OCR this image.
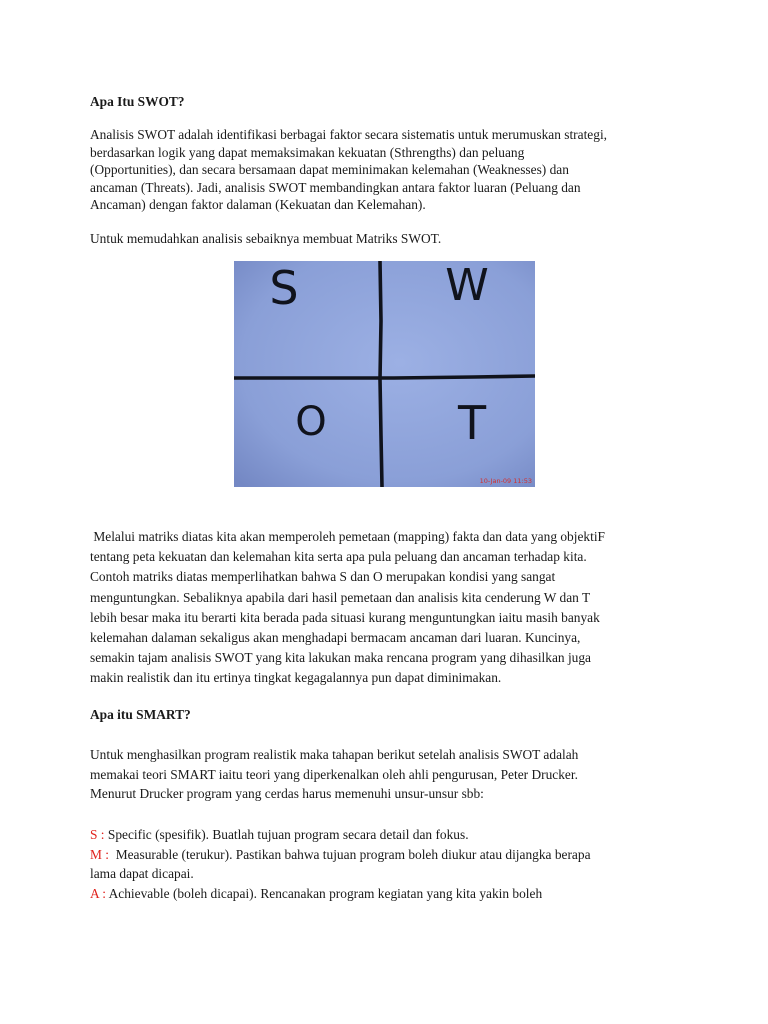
Apa Itu SWOT?
Analisis SWOT adalah identifikasi berbagai faktor secara sistematis untuk merumuskan strategi,
berdasarkan logik yang dapat memaksimakan kekuatan (Sthrengths) dan peluang
(Opportunities), dan secara bersamaan dapat meminimakan kelemahan (Weaknesses) dan
ancaman (Threats). Jadi, analisis SWOT membandingkan antara faktor luaran (Peluang dan
Ancaman) dengan faktor dalaman (Kekuatan dan Kelemahan).
Untuk memudahkan analisis sebaiknya membuat Matriks SWOT.
S	W
O	T
10-Jan-09 11:53
Melalui matriks diatas kita akan memperoleh pemetaan (mapping) fakta dan data yang objektiF
tentang peta kekuatan dan kelemahan kita serta apa pula peluang dan ancaman terhadap kita.
Contoh matriks diatas memperlihatkan bahwa S dan O merupakan kondisi yang sangat
menguntungkan. Sebaliknya apabila dari hasil pemetaan dan analisis kita cenderung W dan T
lebih besar maka itu berarti kita berada pada situasi kurang menguntungkan iaitu masih banyak
kelemahan dalaman sekaligus akan menghadapi bermacam ancaman dari luaran. Kuncinya,
semakin tajam analisis SWOT yang kita lakukan maka rencana program yang dihasilkan juga
makin realistik dan itu ertinya tingkat kegagalannya pun dapat diminimakan.
Apa itu SMART?
Untuk menghasilkan program realistik maka tahapan berikut setelah analisis SWOT adalah
memakai teori SMART iaitu teori yang diperkenalkan oleh ahli pengurusan, Peter Drucker.
Menurut Drucker program yang cerdas harus memenuhi unsur-unsur sbb:
S : Specific (spesifik). Buatlah tujuan program secara detail dan fokus.
M :  Measurable (terukur). Pastikan bahwa tujuan program boleh diukur atau dijangka berapa
lama dapat dicapai.
A : Achievable (boleh dicapai). Rencanakan program kegiatan yang kita yakin boleh
